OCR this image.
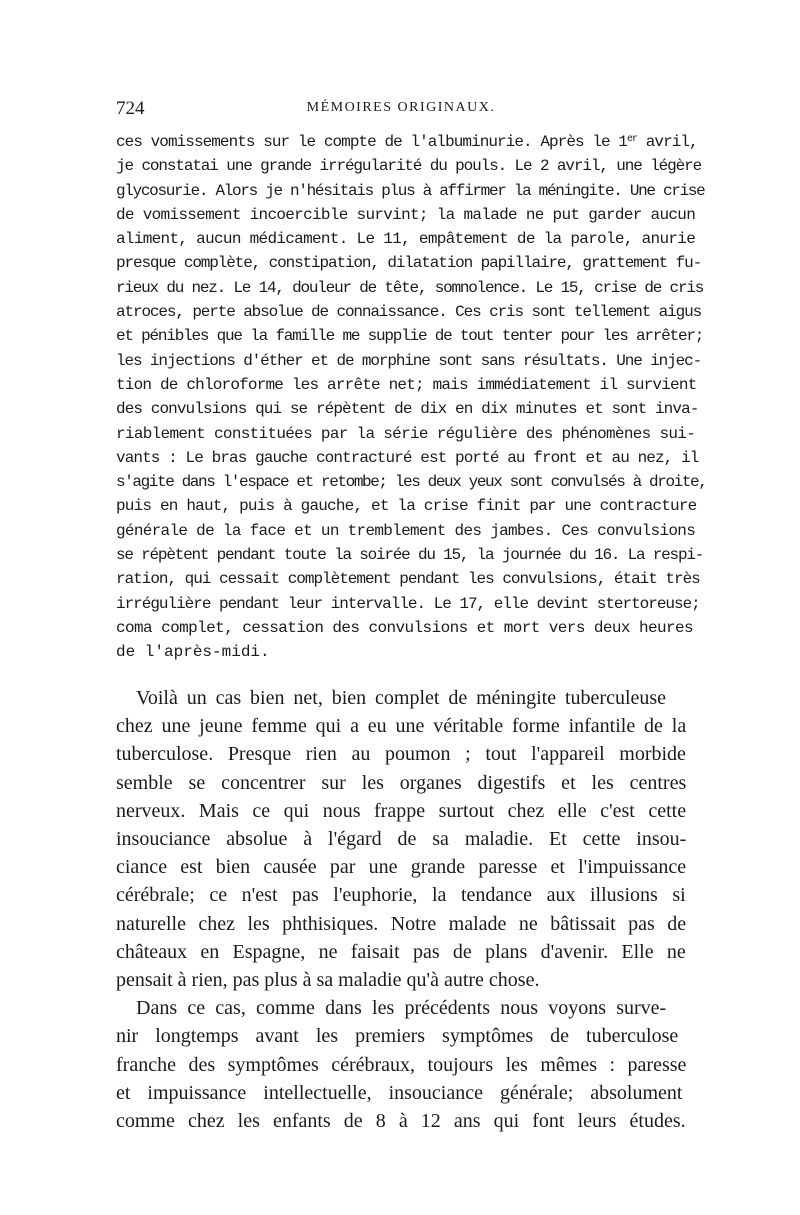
724	MÉMOIRES ORIGINAUX.
ces vomissements sur le compte de l'albuminurie. Après le 1er avril,
je constatai une grande irrégularité du pouls. Le 2 avril, une légère
glycosurie. Alors je n'hésitais plus à affirmer la méningite. Une crise
de vomissement incoercible survint; la malade ne put garder aucun
aliment, aucun médicament. Le 11, empâtement de la parole, anurie
presque complète, constipation, dilatation papillaire, grattement fu-
rieux du nez. Le 14, douleur de tête, somnolence. Le 15, crise de cris
atroces, perte absolue de connaissance. Ces cris sont tellement aigus
et pénibles que la famille me supplie de tout tenter pour les arrêter;
les injections d'éther et de morphine sont sans résultats. Une injec-
tion de chloroforme les arrête net; mais immédiatement il survient
des convulsions qui se répètent de dix en dix minutes et sont inva-
riablement constituées par la série régulière des phénomènes sui-
vants : Le bras gauche contracturé est porté au front et au nez, il
s'agite dans l'espace et retombe; les deux yeux sont convulsés à droite,
puis en haut, puis à gauche, et la crise finit par une contracture
générale de la face et un tremblement des jambes. Ces convulsions
se répètent pendant toute la soirée du 15, la journée du 16. La respi-
ration, qui cessait complètement pendant les convulsions, était très
irrégulière pendant leur intervalle. Le 17, elle devint stertoreuse;
coma complet, cessation des convulsions et mort vers deux heures
de l'après-midi.
Voilà un cas bien net, bien complet de méningite tuberculeuse
chez une jeune femme qui a eu une véritable forme infantile de la
tuberculose. Presque rien au poumon ; tout l'appareil morbide
semble se concentrer sur les organes digestifs et les centres
nerveux. Mais ce qui nous frappe surtout chez elle c'est cette
insouciance absolue à l'égard de sa maladie. Et cette insou-
ciance est bien causée par une grande paresse et l'impuissance
cérébrale; ce n'est pas l'euphorie, la tendance aux illusions si
naturelle chez les phthisiques. Notre malade ne bâtissait pas de
châteaux en Espagne, ne faisait pas de plans d'avenir. Elle ne
pensait à rien, pas plus à sa maladie qu'à autre chose.
Dans ce cas, comme dans les précédents nous voyons surve-
nir longtemps avant les premiers symptômes de tuberculose
franche des symptômes cérébraux, toujours les mêmes : paresse
et impuissance intellectuelle, insouciance générale; absolument
comme chez les enfants de 8 à 12 ans qui font leurs études.
